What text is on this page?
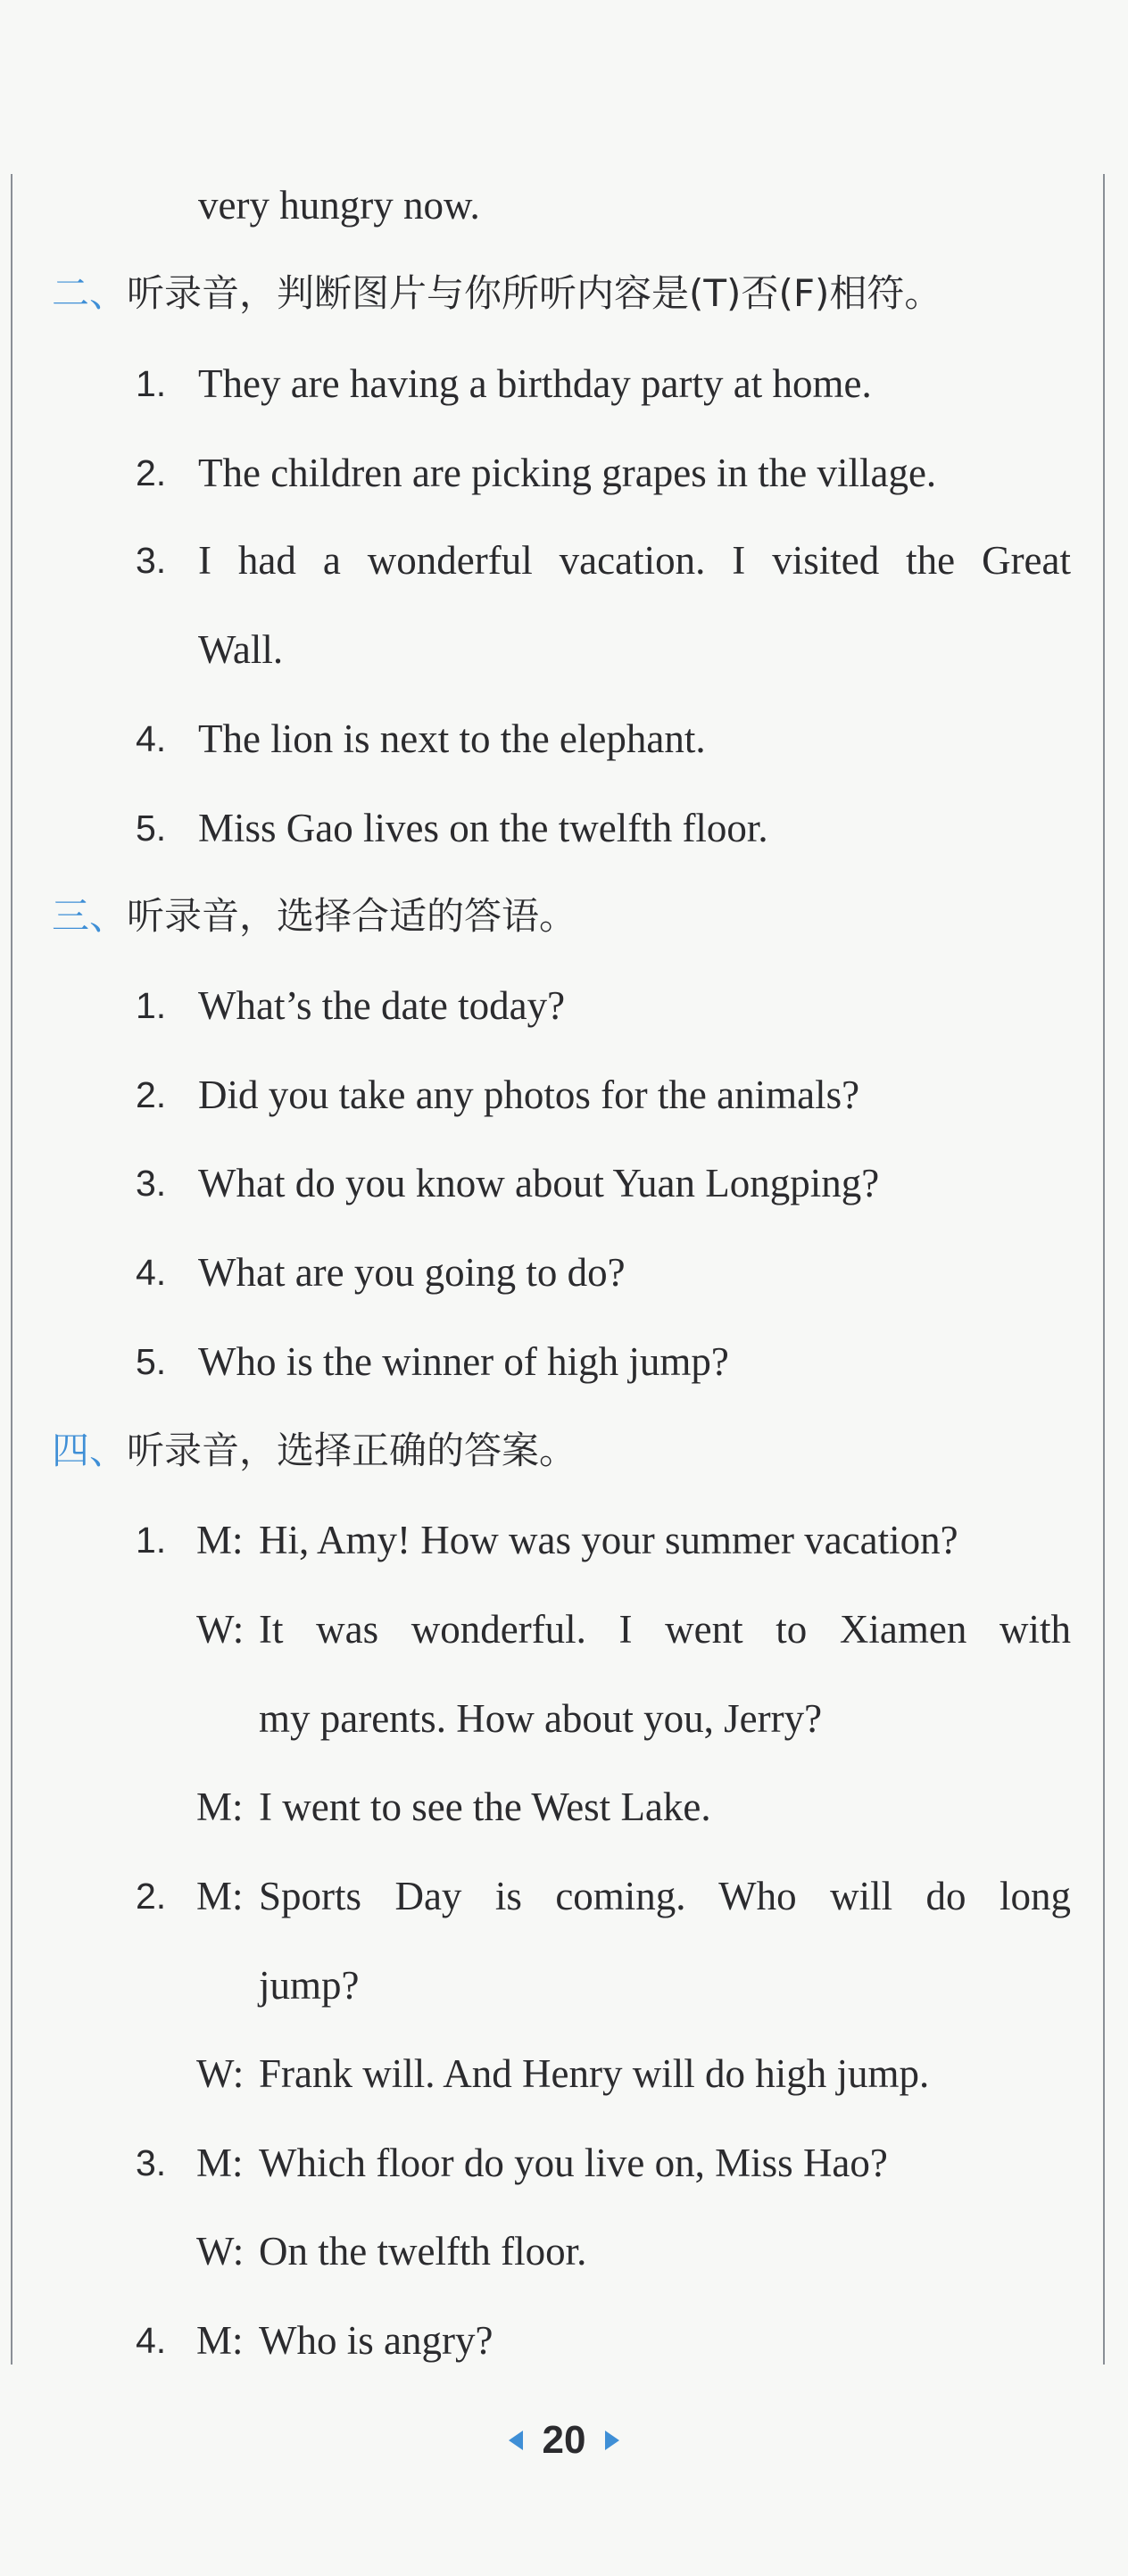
very hungry now.
二、听录音，判断图片与你所听内容是(T)否(F)相符。
1. They are having a birthday party at home.
2. The children are picking grapes in the village.
3. I had a wonderful vacation. I visited the Great
Wall.
4. The lion is next to the elephant.
5. Miss Gao lives on the twelfth floor.
三、听录音，选择合适的答语。
1. What’s the date today?
2. Did you take any photos for the animals?
3. What do you know about Yuan Longping?
4. What are you going to do?
5. Who is the winner of high jump?
四、听录音，选择正确的答案。
1. M: Hi, Amy! How was your summer vacation?
W: It was wonderful. I went to Xiamen with
my parents. How about you, Jerry?
M: I went to see the West Lake.
2. M: Sports Day is coming. Who will do long
jump?
W: Frank will. And Henry will do high jump.
3. M: Which floor do you live on, Miss Hao?
W: On the twelfth floor.
4. M: Who is angry?
20
